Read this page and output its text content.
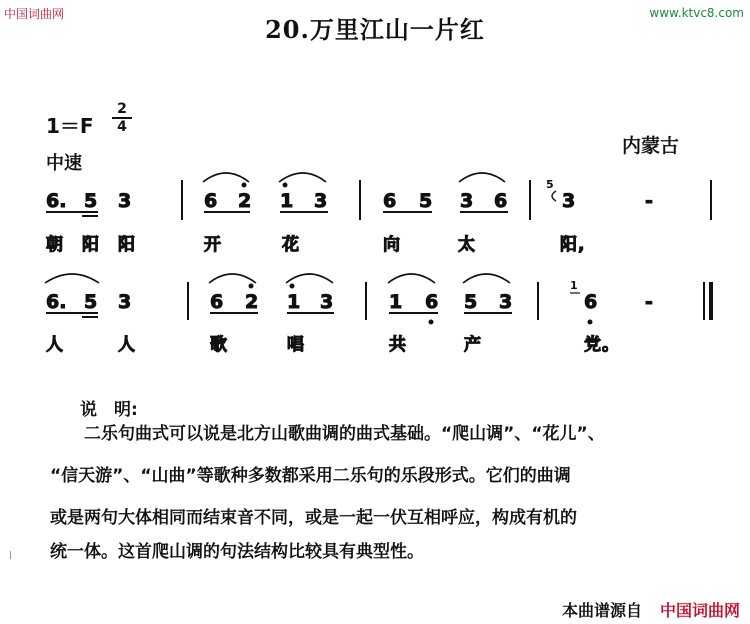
中国词曲网	www.ktvc8.com
20.万里江山一片红
1＝F
2
4
内蒙古
中速
6. 5 3	6 2 1 3	6 5 3 6
5
3	-
朝 阳 阳	开	花	向	太	阳,
6. 5 3	6 2 1 3	1 6 5 3
1
6	-
人	人	歌	唱	共	产	党。
说　明:
　　二乐句曲式可以说是北方山歌曲调的曲式基础。“爬山调”、“花儿”、
“信天游”、“山曲”等歌种多数都采用二乐句的乐段形式。它们的曲调
或是两句大体相同而结束音不同，或是一起一伏互相呼应，构成有机的
统一体。这首爬山调的句法结构比较具有典型性。
本曲谱源自 中国词曲网
